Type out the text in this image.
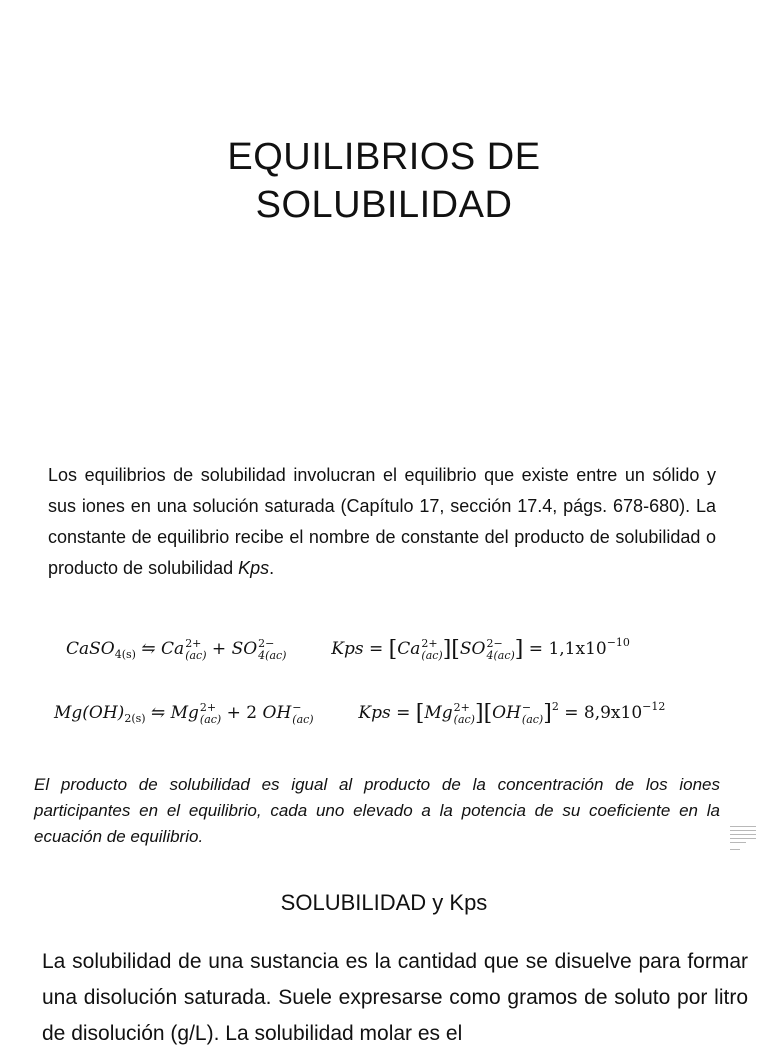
EQUILIBRIOS DE
SOLUBILIDAD

Los equilibrios de solubilidad involucran el equilibrio que existe entre un sólido y sus iones en una solución saturada (Capítulo 17, sección 17.4, págs. 678-680). La constante de equilibrio recibe el nombre de constante del producto de solubilidad o producto de solubilidad Kps.

CaSO$_{4(s)}$ ⇋ Ca 2+
(ac) + SO 2−
4(ac)	Kps = [Ca 2+
(ac) ][SO 2−
4(ac) ] = $1,1x10^{-10}$
$Mg(OH)_{2(s)}$ ⇋ Mg 2+
(ac) + 2 OH −
(ac)	Kps = [Mg 2+
(ac) ][OH −
(ac) ]$^2 = 8,9x10^{-12}$

El producto de solubilidad es igual al producto de la concentración de los iones participantes en el equilibrio, cada uno elevado a la potencia de su coeficiente en la ecuación de equilibrio.

SOLUBILIDAD y Kps

La solubilidad de una sustancia es la cantidad que se disuelve para formar una disolución saturada. Suele expresarse como gramos de soluto por litro de disolución (g/L). La solubilidad molar es el
